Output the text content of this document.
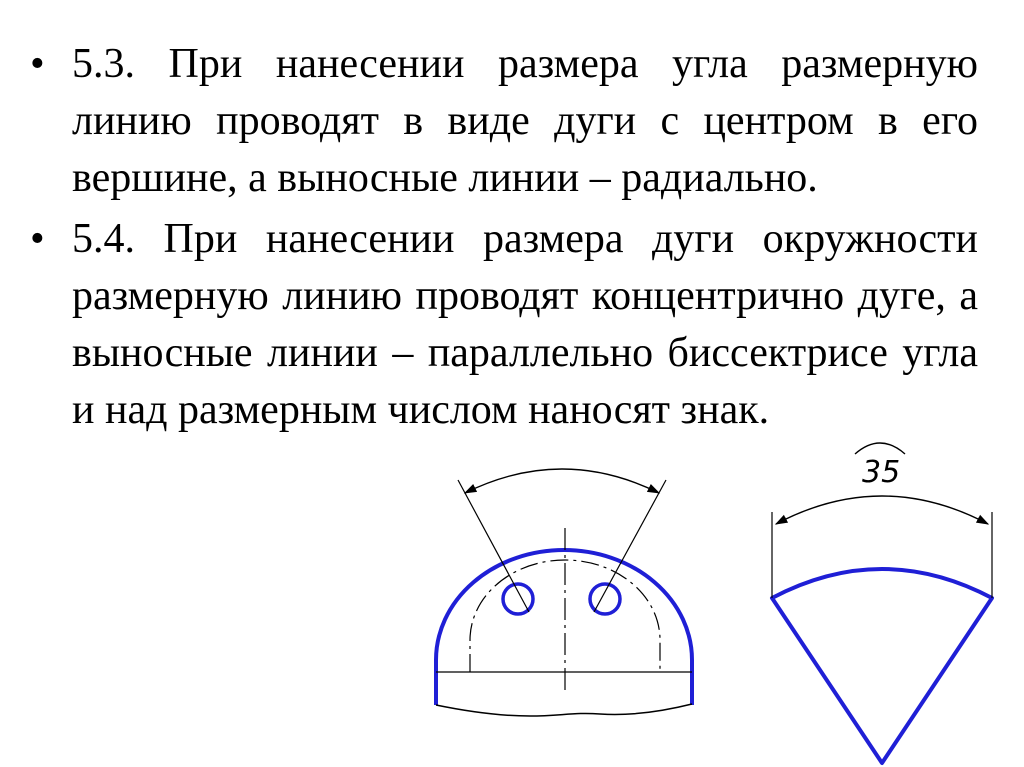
• 5.3. При нанесении размера угла размерную линию проводят в виде дуги с центром в его вершине, а выносные линии – радиально.
• 5.4. При нанесении размера дуги окружности размерную линию проводят концентрично дуге, а выносные линии – параллельно биссектрисе угла и над размерным числом наносят знак.
35
